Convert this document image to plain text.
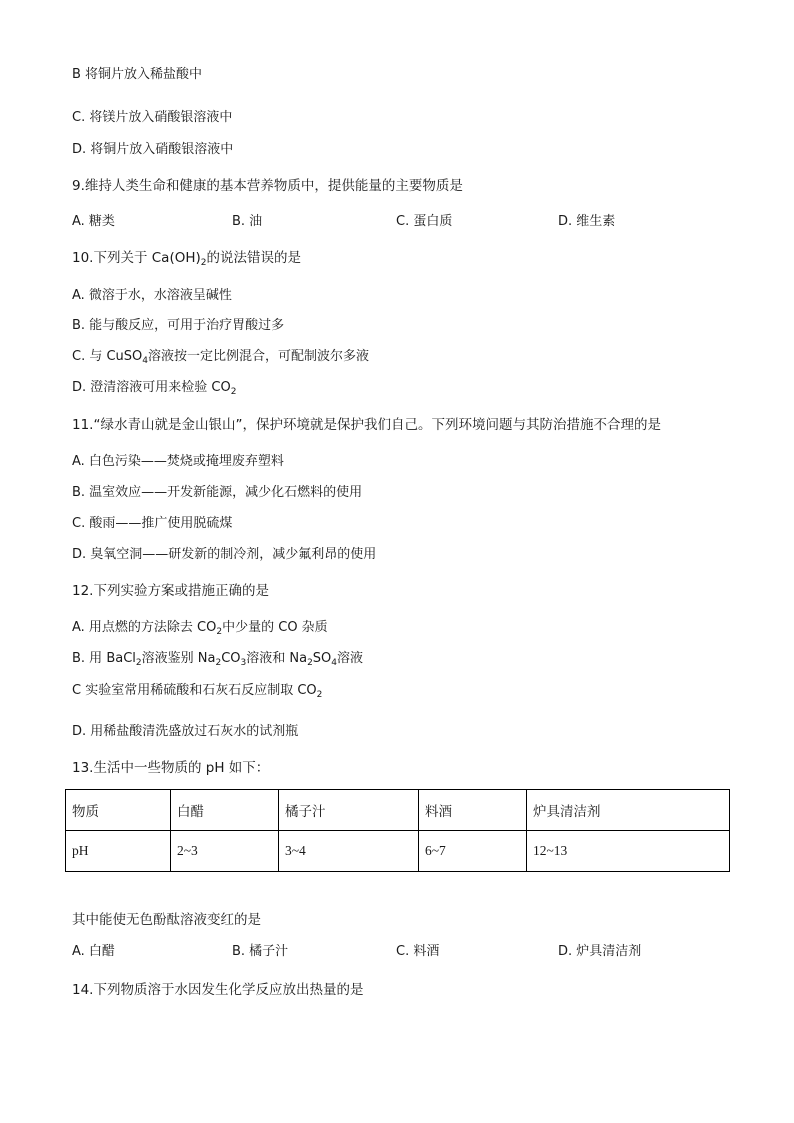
B 将铜片放入稀盐酸中
C. 将镁片放入硝酸银溶液中
D. 将铜片放入硝酸银溶液中
9.维持人类生命和健康的基本营养物质中，提供能量的主要物质是
A. 糖类	B. 油	C. 蛋白质	D. 维生素
10.下列关于 $Ca(OH)_2$的说法错误的是
A. 微溶于水，水溶液呈碱性
B. 能与酸反应，可用于治疗胃酸过多
C. 与 CuSO$_4$溶液按一定比例混合，可配制波尔多液
D. 澄清溶液可用来检验 $CO_2$
11.“绿水青山就是金山银山”，保护环境就是保护我们自己。下列环境问题与其防治措施不合理的是
A. 白色污染——焚烧或掩埋废弃塑料
B. 温室效应——开发新能源，减少化石燃料的使用
C. 酸雨——推广使用脱硫煤
D. 臭氧空洞——研发新的制冷剂，减少氟利昂的使用
12.下列实验方案或措施正确的是
A. 用点燃的方法除去 $CO_2$中少量的 CO 杂质
B. 用 BaCl$_2$溶液鉴别 $Na_2CO_3$溶液和 $Na_2SO_4$溶液
C 实验室常用稀硫酸和石灰石反应制取 $CO_2$
D. 用稀盐酸清洗盛放过石灰水的试剂瓶
13.生活中一些物质的 pH 如下：
物质	白醋	橘子汁	料酒	炉具清洁剂
pH	2~3	3~4	6~7	12~13
其中能使无色酚酞溶液变红的是
A. 白醋	B. 橘子汁	C. 料酒	D. 炉具清洁剂
14.下列物质溶于水因发生化学反应放出热量的是
